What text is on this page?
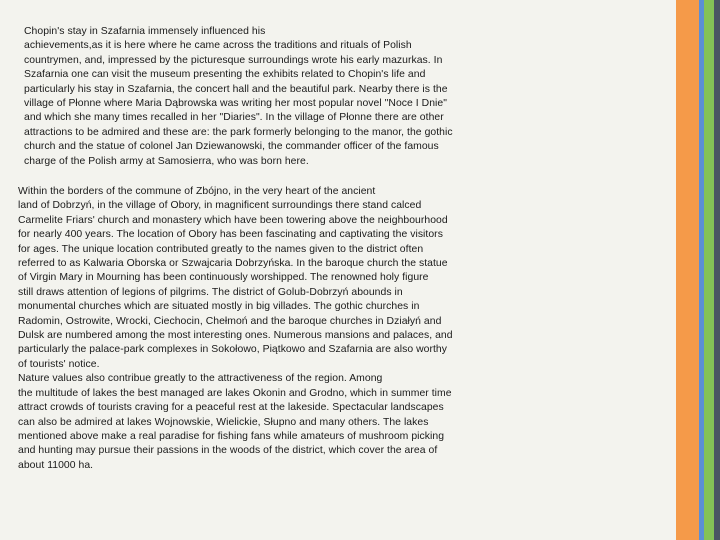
Chopin's stay in Szafarnia immensely influenced his
achievements,as it is here where he came across the traditions and rituals of Polish
countrymen, and, impressed by the picturesque surroundings wrote his early mazurkas. In
Szafarnia one can visit the museum presenting the exhibits related to Chopin's life and
particularly his stay in Szafarnia, the concert hall and the beautiful park. Nearby there is the
village of Płonne where Maria Dąbrowska was writing her most popular novel "Noce I Dnie"
and which she many times recalled in her "Diaries". In the village of Płonne there are other
attractions to be admired and these are: the park formerly belonging to the manor, the gothic
church and the statue of colonel Jan Dziewanowski, the commander officer of the famous
charge of the Polish army at Samosierra, who was born here.
Within the borders of the commune of Zbójno, in the very heart of the ancient
land of Dobrzyń, in the village of Obory, in magnificent surroundings there stand calced
Carmelite Friars' church and monastery which have been towering above the neighbourhood
for nearly 400 years. The location of Obory has been fascinating and captivating the visitors
for ages. The unique location contributed greatly to the names given to the district often
referred to as Kalwaria Oborska or Szwajcaria Dobrzyńska. In the baroque church the statue
of Virgin Mary in Mourning has been continuously worshipped. The renowned holy figure
still draws attention of legions of pilgrims. The district of Golub-Dobrzyń abounds in
monumental churches which are situated mostly in big villades. The gothic churches in
Radomin, Ostrowite, Wrocki, Ciechocin, Chełmoń and the baroque churches in Działyń and
Dulsk are numbered among the most interesting ones. Numerous mansions and palaces, and
particularly the palace-park complexes in Sokołowo, Piątkowo and Szafarnia are also worthy
of tourists' notice.
Nature values also contribue greatly to the attractiveness of the region. Among
the multitude of lakes the best managed are lakes Okonin and Grodno, which in summer time
attract crowds of tourists craving for a peaceful rest at the lakeside. Spectacular landscapes
can also be admired at lakes Wojnowskie, Wielickie, Słupno and many others. The lakes
mentioned above make a real paradise for fishing fans while amateurs of mushroom picking
and hunting may pursue their passions in the woods of the district, which cover the area of
about 11000 ha.
